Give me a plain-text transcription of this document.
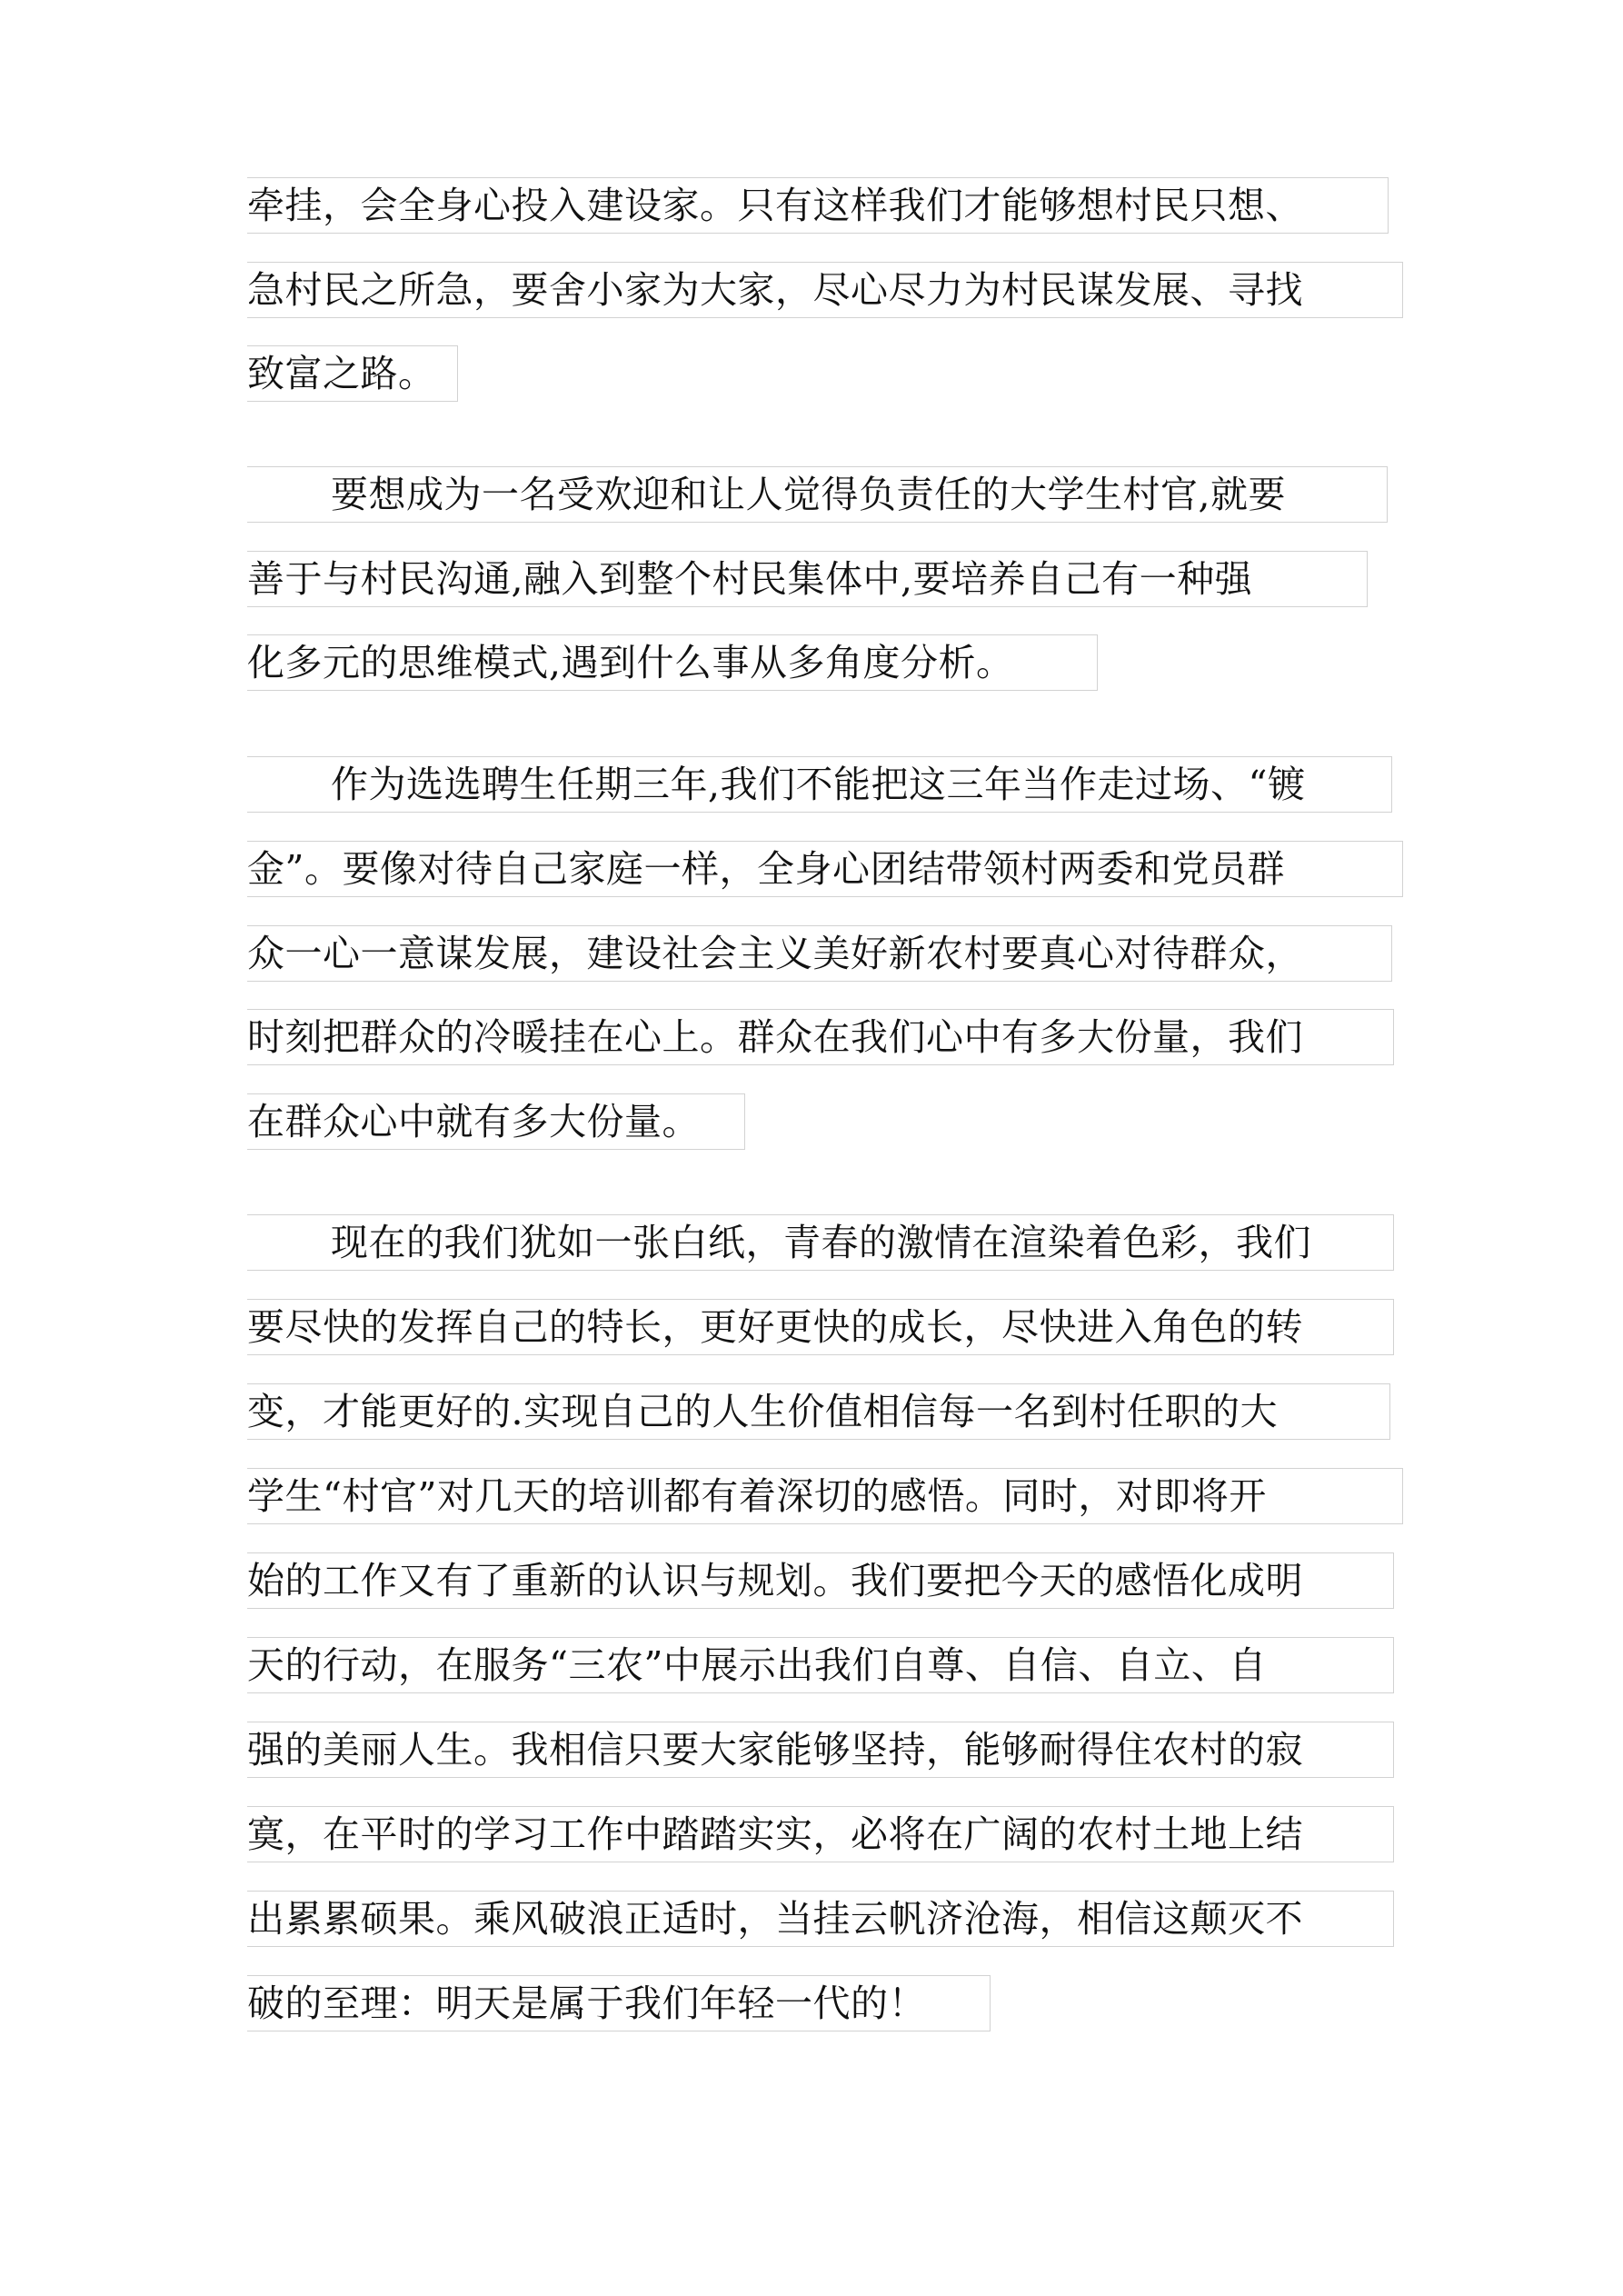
牵挂，会全身心投入建设家。只有这样我们才能够想村民只想、
急村民之所急，要舍小家为大家，尽心尽力为村民谋发展、寻找
致富之路。
要想成为一名受欢迎和让人觉得负责任的大学生村官,就要
善于与村民沟通,融入到整个村民集体中,要培养自己有一种强
化多元的思维模式,遇到什么事从多角度分析。
作为选选聘生任期三年,我们不能把这三年当作走过场、“镀
金”。要像对待自己家庭一样，全身心团结带领村两委和党员群
众一心一意谋发展，建设社会主义美好新农村要真心对待群众，
时刻把群众的冷暖挂在心上。群众在我们心中有多大份量，我们
在群众心中就有多大份量。
现在的我们犹如一张白纸，青春的激情在渲染着色彩，我们
要尽快的发挥自己的特长，更好更快的成长，尽快进入角色的转
变，才能更好的.实现自己的人生价值相信每一名到村任职的大
学生“村官”对几天的培训都有着深切的感悟。同时，对即将开
始的工作又有了重新的认识与规划。我们要把今天的感悟化成明
天的行动，在服务“三农”中展示出我们自尊、自信、自立、自
强的美丽人生。我相信只要大家能够坚持，能够耐得住农村的寂
寞，在平时的学习工作中踏踏实实，必将在广阔的农村土地上结
出累累硕果。乘风破浪正适时，当挂云帆济沧海，相信这颠灭不
破的至理：明天是属于我们年轻一代的！
